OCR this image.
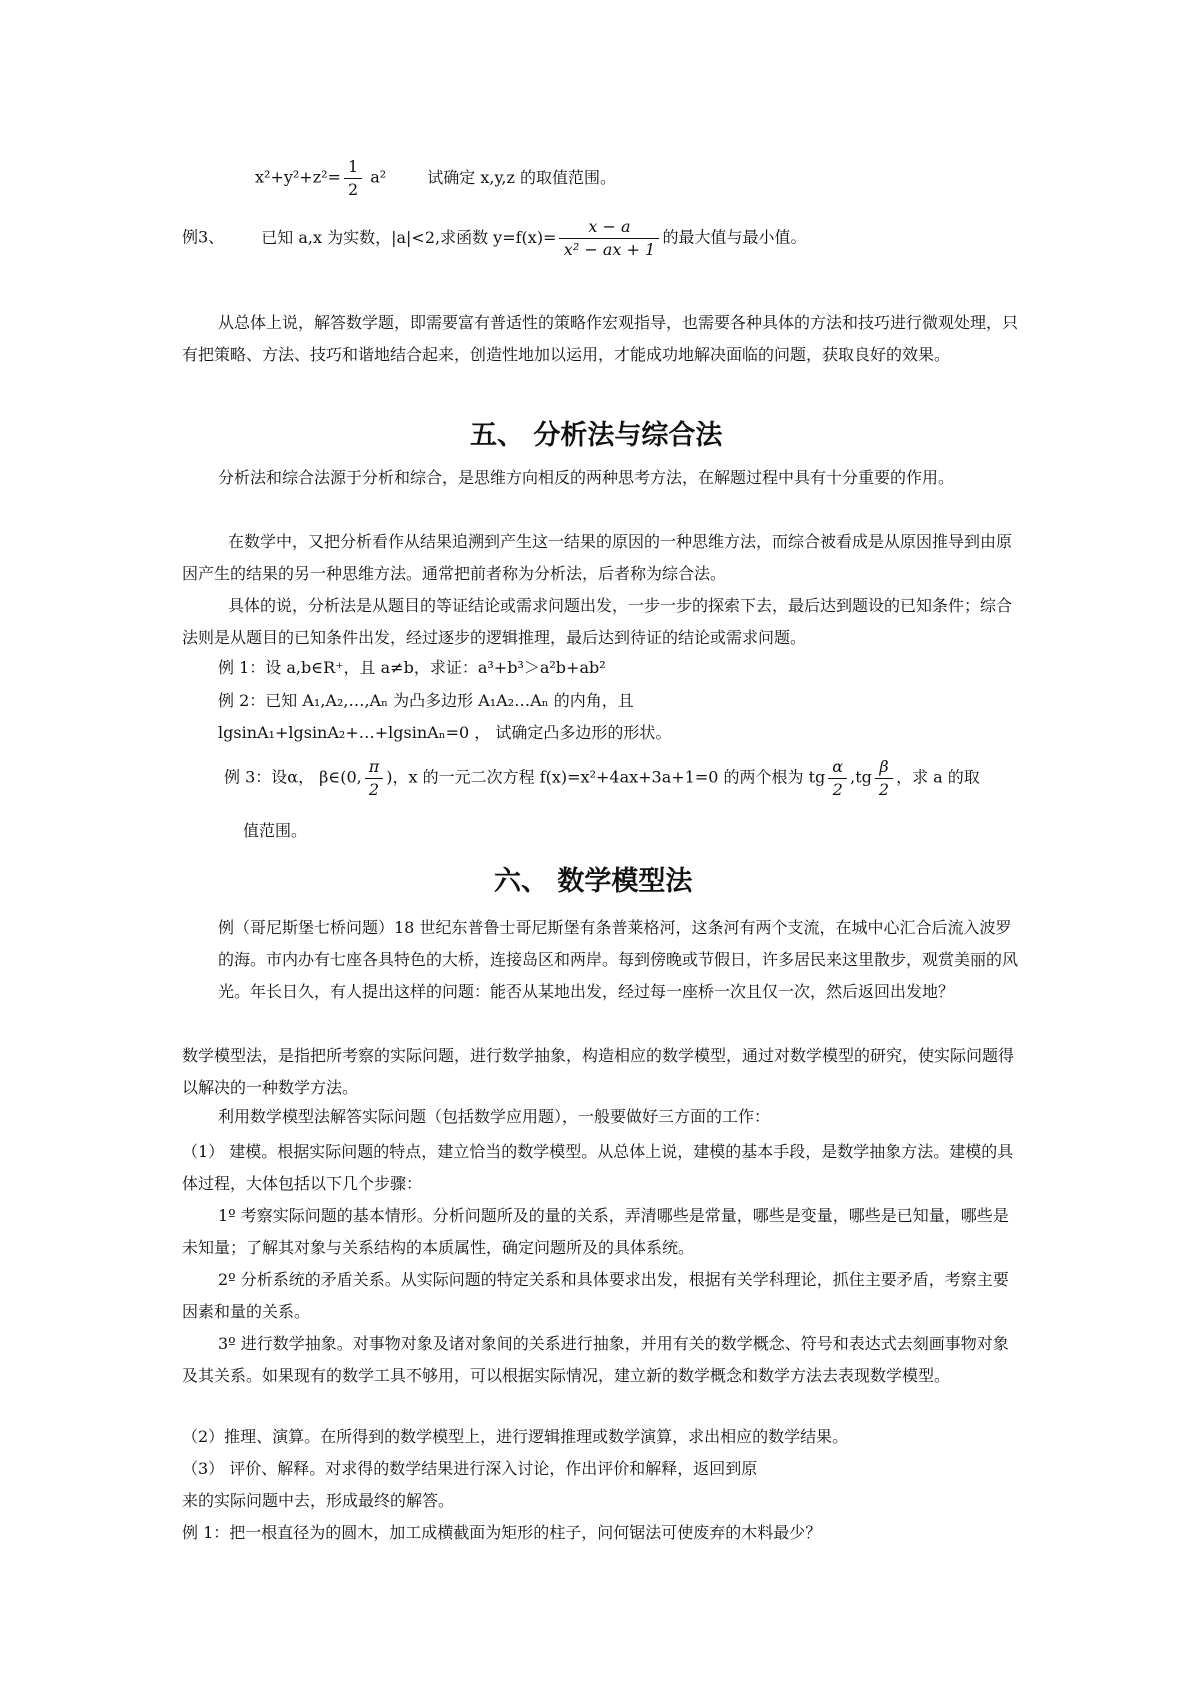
$x^2+y^2+z^2= \frac{1}{2} a^2$	试确定 x,y,z 的取值范围。
例3、 已知 a,x 为实数，|a|<2,求函数 $y=f(x)= \frac{x - a}{\text{x² − ax + 1}}$ 的最大值与最小值。
从总体上说，解答数学题，即需要富有普适性的策略作宏观指导，也需要各种具体的方法和技巧进行微观处理，只有把策略、方法、技巧和谐地结合起来，创造性地加以运用，才能成功地解决面临的问题，获取良好的效果。
五、 分析法与综合法
分析法和综合法源于分析和综合，是思维方向相反的两种思考方法，在解题过程中具有十分重要的作用。
在数学中，又把分析看作从结果追溯到产生这一结果的原因的一种思维方法，而综合被看成是从原因推导到由原因产生的结果的另一种思维方法。通常把前者称为分析法，后者称为综合法。
具体的说，分析法是从题目的等证结论或需求问题出发，一步一步的探索下去，最后达到题设的已知条件；综合法则是从题目的已知条件出发，经过逐步的逻辑推理，最后达到待证的结论或需求问题。
例 1：设 a,b∈R⁺，且 a≠b，求证：a³+b³＞a²b+ab²
例 2：已知 A₁,A₂,…,Aₙ 为凸多边形 A₁A₂…Aₙ 的内角，且
lgsinA₁+lgsinA₂+…+lgsinAₙ=0 ， 试确定凸多边形的形状。
例 3：设α， β∈(0, $\frac{\pi}{2}$ )，x 的一元二次方程 f(x)=x²+4ax+3a+1=0 的两个根为 tg $\frac{\alpha}{2} ,tg \frac{\beta}{2}$ ，求 a 的取
值范围。
六、 数学模型法
例（哥尼斯堡七桥问题）18 世纪东普鲁士哥尼斯堡有条普莱格河，这条河有两个支流，在城中心汇合后流入波罗的海。市内办有七座各具特色的大桥，连接岛区和两岸。每到傍晚或节假日，许多居民来这里散步，观赏美丽的风光。年长日久，有人提出这样的问题：能否从某地出发，经过每一座桥一次且仅一次，然后返回出发地？
数学模型法，是指把所考察的实际问题，进行数学抽象，构造相应的数学模型，通过对数学模型的研究，使实际问题得以解决的一种数学方法。
利用数学模型法解答实际问题（包括数学应用题），一般要做好三方面的工作：
（1） 建模。根据实际问题的特点，建立恰当的数学模型。从总体上说，建模的基本手段，是数学抽象方法。建模的具体过程，大体包括以下几个步骤：
1º 考察实际问题的基本情形。分析问题所及的量的关系，弄清哪些是常量，哪些是变量，哪些是已知量，哪些是未知量；了解其对象与关系结构的本质属性，确定问题所及的具体系统。
2º 分析系统的矛盾关系。从实际问题的特定关系和具体要求出发，根据有关学科理论，抓住主要矛盾，考察主要因素和量的关系。
3º 进行数学抽象。对事物对象及诸对象间的关系进行抽象，并用有关的数学概念、符号和表达式去刻画事物对象及其关系。如果现有的数学工具不够用，可以根据实际情况，建立新的数学概念和数学方法去表现数学模型。
（2）推理、演算。在所得到的数学模型上，进行逻辑推理或数学演算，求出相应的数学结果。
（3） 评价、解释。对求得的数学结果进行深入讨论，作出评价和解释，返回到原
来的实际问题中去，形成最终的解答。
例 1：把一根直径为的圆木，加工成横截面为矩形的柱子，问何锯法可使废弃的木料最少？
